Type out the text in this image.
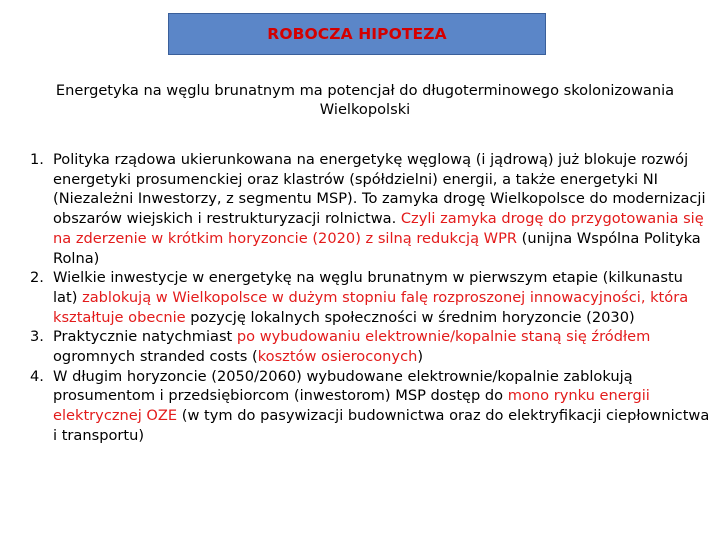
ROBOCZA HIPOTEZA
Energetyka na węglu brunatnym ma potencjał do długoterminowego skolonizowania Wielkopolski
1. Polityka rządowa ukierunkowana na energetykę węglową (i jądrową) już blokuje rozwój energetyki prosumenckiej oraz klastrów (spółdzielni) energii, a także energetyki NI (Niezależni Inwestorzy, z segmentu MSP). To zamyka drogę Wielkopolsce do modernizacji obszarów wiejskich i restrukturyzacji rolnictwa. Czyli zamyka drogę do przygotowania się na zderzenie w krótkim horyzoncie (2020) z silną redukcją WPR (unijna Wspólna Polityka Rolna)
2. Wielkie inwestycje w energetykę na węglu brunatnym w pierwszym etapie (kilkunastu lat) zablokują w Wielkopolsce w dużym stopniu falę rozproszonej innowacyjności, która kształtuje obecnie pozycję lokalnych społeczności w średnim horyzoncie (2030)
3. Praktycznie natychmiast po wybudowaniu elektrownie/kopalnie staną się źródłem ogromnych stranded costs (kosztów osieroconych)
4. W długim horyzoncie (2050/2060) wybudowane elektrownie/kopalnie zablokują prosumentom i przedsiębiorcom (inwestorom) MSP dostęp do mono rynku energii elektrycznej OZE (w tym do pasywizacji budownictwa oraz do elektryfikacji ciepłownictwa i transportu)
